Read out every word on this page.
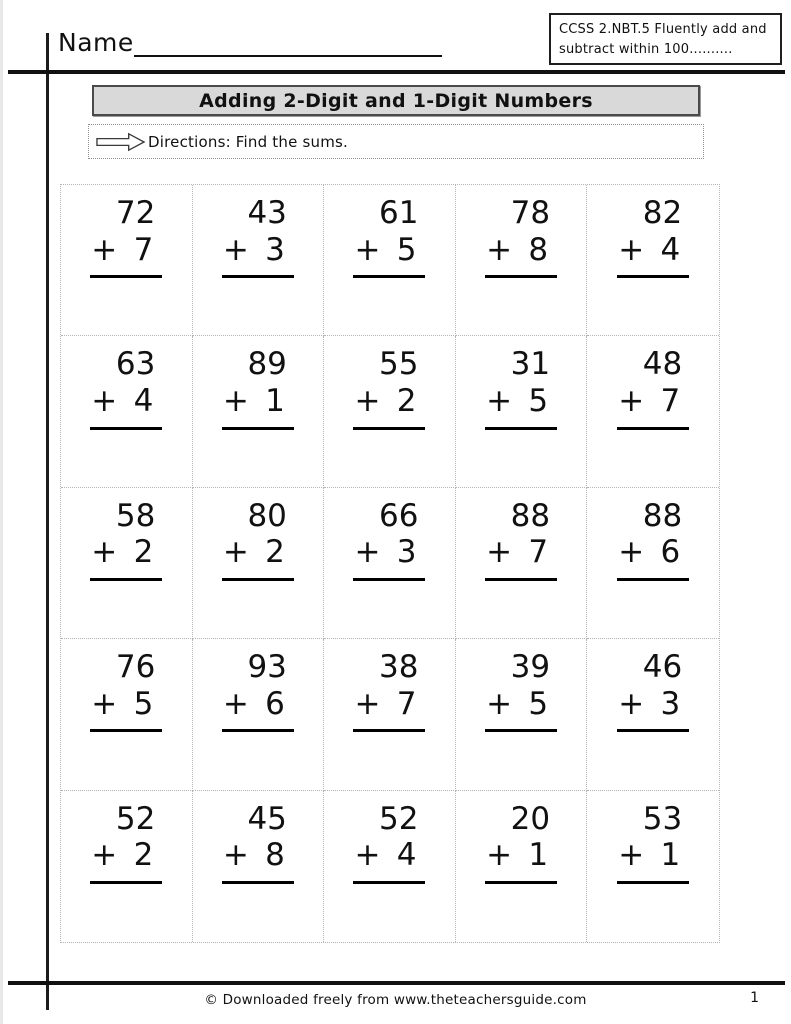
Name	CCSS 2.NBT.5 Fluently add and
subtract within 100..........
Adding 2-Digit and 1-Digit Numbers
Directions: Find the sums.
72
+ 7
43
+ 3
61
+ 5
78
+ 8
82
+ 4
63
+ 4
89
+ 1
55
+ 2
31
+ 5
48
+ 7
58
+ 2
80
+ 2
66
+ 3
88
+ 7
88
+ 6
76
+ 5
93
+ 6
38
+ 7
39
+ 5
46
+ 3
52
+ 2
45
+ 8
52
+ 4
20
+ 1
53
+ 1
© Downloaded freely from www.theteachersguide.com	1
